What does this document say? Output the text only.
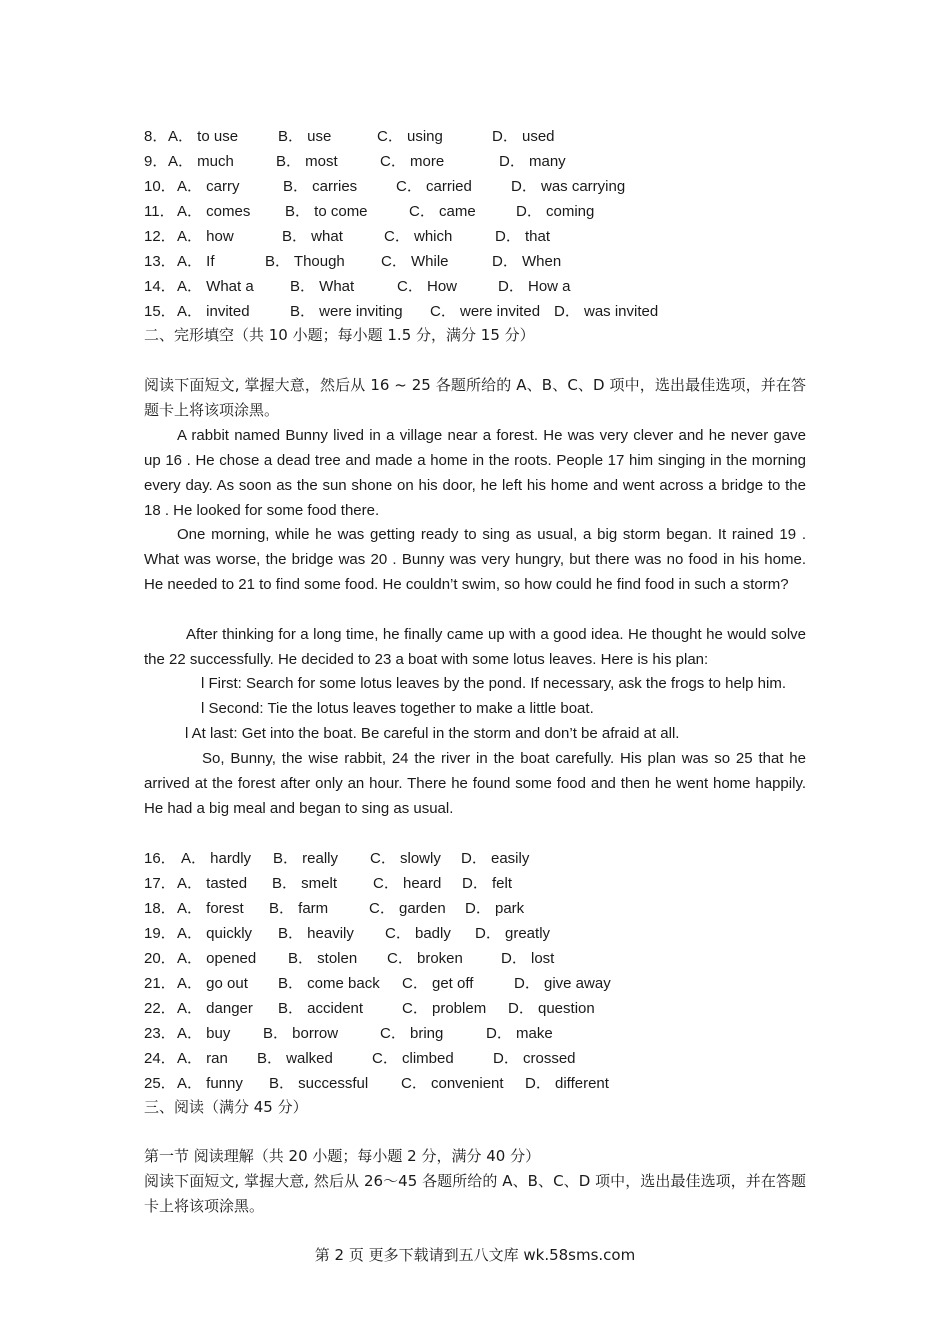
8． A． to use	B． use	C． using	D． used
9． A． much	B． most	C． more	D． many
10． A． carry	B． carries	C． carried	D． was carrying
11． A． comes B． to come	C． came	D． coming
12． A． how	B． what	C． which	D． that
13． A． If	B． Though C． While	D． When
14． A． What a B． What	C． How	D． How a
15． A． invited	B． were inviting C． were invited D． was invited
二、完形填空（共 10 小题；每小题 1.5 分，满分 15 分）
阅读下面短文, 掌握大意，然后从 16 ~ 25 各题所给的 A、B、C、D 项中，选出最佳选项，并在答题卡上将该项涂黑。

A rabbit named Bunny lived in a village near a forest. He was very clever and he never gave up 16 . He chose a dead tree and made a home in the roots. People 17 him singing in the morning every day. As soon as the sun shone on his door, he left his home and went across a bridge to the 18 . He looked for some food there.

One morning, while he was getting ready to sing as usual, a big storm began. It rained 19 . What was worse, the bridge was 20 . Bunny was very hungry, but there was no food in his home. He needed to 21 to find some food. He couldn’t swim, so how could he find food in such a storm?

After thinking for a long time, he finally came up with a good idea. He thought he would solve the 22 successfully. He decided to 23 a boat with some lotus leaves. Here is his plan:

l First: Search for some lotus leaves by the pond. If necessary, ask the frogs to help him.
l Second: Tie the lotus leaves together to make a little boat.
l At last: Get into the boat. Be careful in the storm and don’t be afraid at all.

So, Bunny, the wise rabbit, 24 the river in the boat carefully. His plan was so 25 that he arrived at the forest after only an hour. There he found some food and then he went home happily. He had a big meal and began to sing as usual.

16． A． hardly B． really C． slowly D． easily
17． A． tasted B． smelt C． heard D． felt
18． A． forest B． farm	C． garden D． park
19． A． quickly B． heavily C． badly D． greatly
20． A． opened B． stolen C． broken	D． lost
21． A． go out B． come back C． get off	D． give away
22． A． danger B． accident	C． problem D． question
23． A． buy B． borrow	C． bring	D． make
24． A． ran B． walked	C． climbed	D． crossed
25． A． funny B． successful C． convenient D． different
三、阅读（满分 45 分）
第一节 阅读理解（共 20 小题；每小题 2 分，满分 40 分）
阅读下面短文, 掌握大意, 然后从 26～45 各题所给的 A、B、C、D 项中，选出最佳选项，并在答题卡上将该项涂黑。
第 2 页 更多下载请到五八文库 wk.58sms.com
